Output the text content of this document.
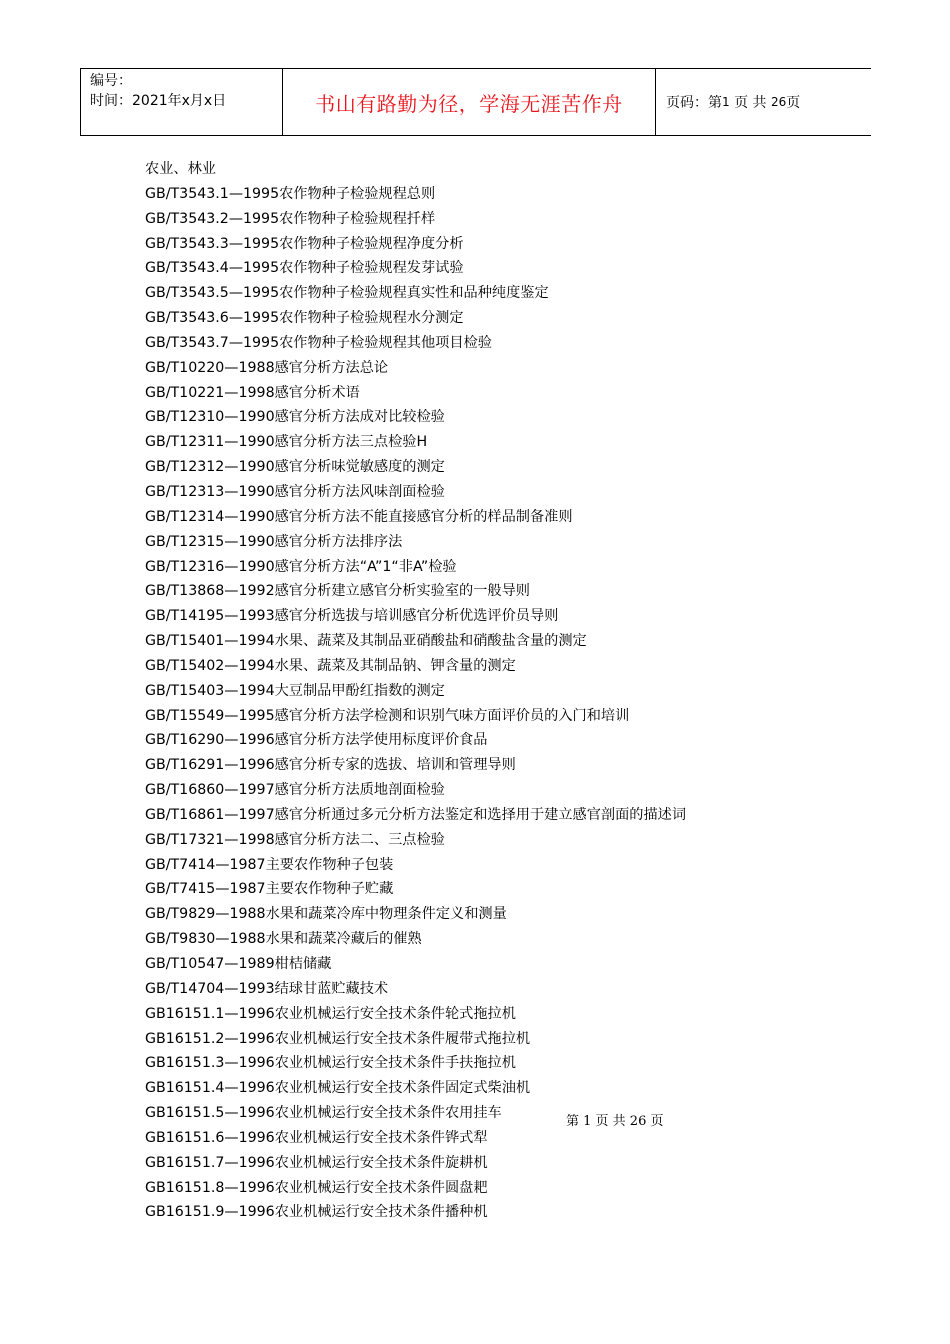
编号：
时间：2021年x月x日	书山有路勤为径，学海无涯苦作舟	页码：第 1
页 共
26 页
农业、林业
GB/T3543.1—1995农作物种子检验规程总则
GB/T3543.2—1995农作物种子检验规程扦样
GB/T3543.3—1995农作物种子检验规程净度分析
GB/T3543.4—1995农作物种子检验规程发芽试验
GB/T3543.5—1995农作物种子检验规程真实性和品种纯度鉴定
GB/T3543.6—1995农作物种子检验规程水分测定
GB/T3543.7—1995农作物种子检验规程其他项目检验
GB/T10220—1988感官分析方法总论
GB/T10221—1998感官分析术语
GB/T12310—1990感官分析方法成对比较检验
GB/T12311—1990感官分析方法三点检验H
GB/T12312—1990感官分析味觉敏感度的测定
GB/T12313—1990感官分析方法风味剖面检验
GB/T12314—1990感官分析方法不能直接感官分析的样品制备准则
GB/T12315—1990感官分析方法排序法
GB/T12316—1990感官分析方法“A”1“非A”检验
GB/T13868—1992感官分析建立感官分析实验室的一般导则
GB/T14195—1993感官分析选拔与培训感官分析优选评价员导则
GB/T15401—1994水果、蔬菜及其制品亚硝酸盐和硝酸盐含量的测定
GB/T15402—1994水果、蔬菜及其制品钠、钾含量的测定
GB/T15403—1994大豆制品甲酚红指数的测定
GB/T15549—1995感官分析方法学检测和识别气味方面评价员的入门和培训
GB/T16290—1996感官分析方法学使用标度评价食品
GB/T16291—1996感官分析专家的选拔、培训和管理导则
GB/T16860—1997感官分析方法质地剖面检验
GB/T16861—1997感官分析通过多元分析方法鉴定和选择用于建立感官剖面的描述词
GB/T17321—1998感官分析方法二、三点检验
GB/T7414—1987主要农作物种子包装
GB/T7415—1987主要农作物种子贮藏
GB/T9829—1988水果和蔬菜冷库中物理条件定义和测量
GB/T9830—1988水果和蔬菜冷藏后的催熟
GB/T10547—1989柑桔储藏
GB/T14704—1993结球甘蓝贮藏技术
GB16151.1—1996农业机械运行安全技术条件轮式拖拉机
GB16151.2—1996农业机械运行安全技术条件履带式拖拉机
GB16151.3—1996农业机械运行安全技术条件手扶拖拉机
GB16151.4—1996农业机械运行安全技术条件固定式柴油机
GB16151.5—1996农业机械运行安全技术条件农用挂车
GB16151.6—1996农业机械运行安全技术条件铧式犁
GB16151.7—1996农业机械运行安全技术条件旋耕机
GB16151.8—1996农业机械运行安全技术条件圆盘耙
GB16151.9—1996农业机械运行安全技术条件播种机
第 1 页 共 26 页
